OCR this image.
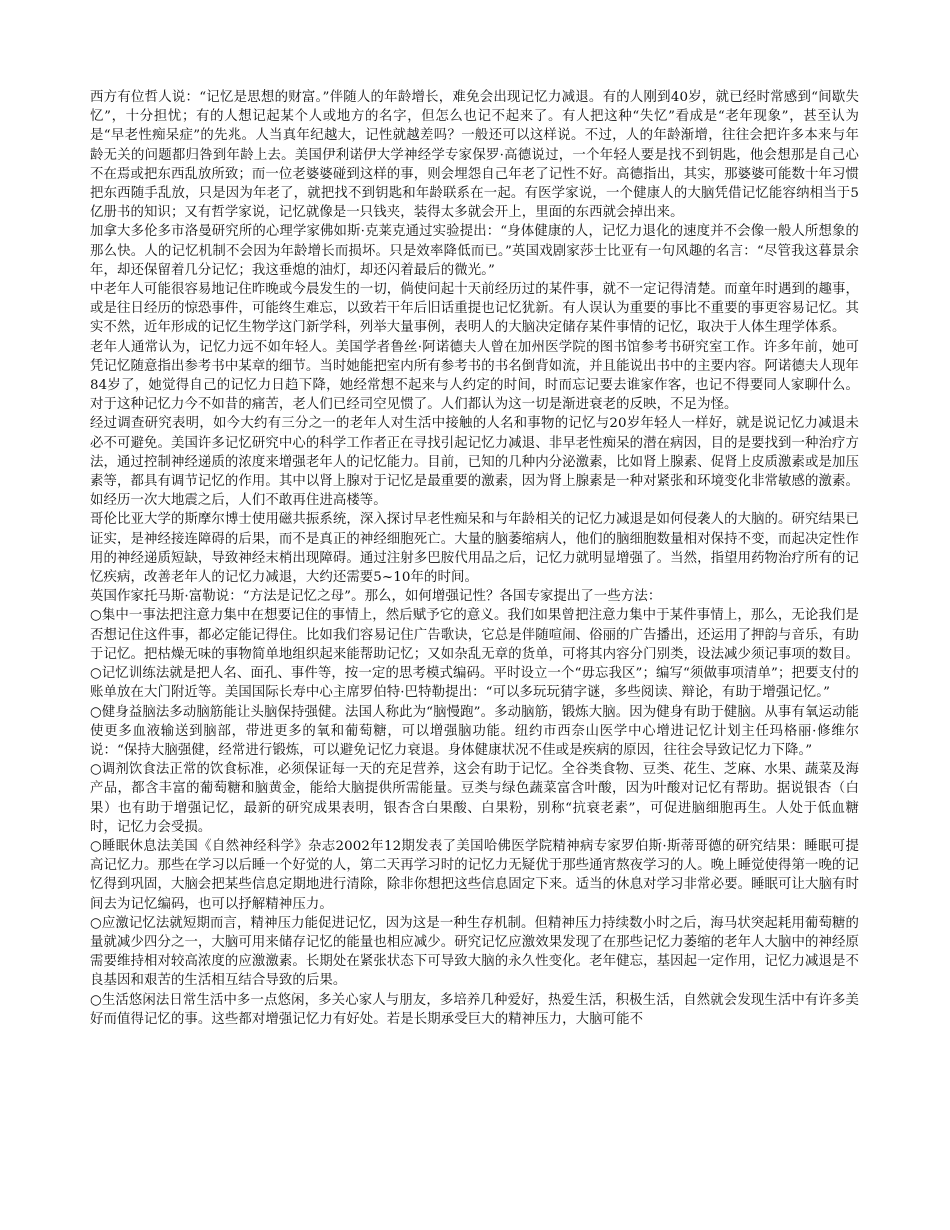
西方有位哲人说：“记忆是思想的财富。”伴随人的年龄增长，难免会出现记忆力减退。有的人刚到40岁，就已经时常感到“间歇失忆”，十分担忧；有的人想记起某个人或地方的名字，但怎么也记不起来了。有人把这种“失忆”看成是“老年现象”，甚至认为是“早老性痴呆症”的先兆。人当真年纪越大，记性就越差吗？一般还可以这样说。不过，人的年龄渐增，往往会把许多本来与年龄无关的问题都归咎到年龄上去。美国伊利诺伊大学神经学专家保罗·高德说过，一个年轻人要是找不到钥匙，他会想那是自己心不在焉或把东西乱放所致；而一位老婆婆碰到这样的事，则会埋怨自己年老了记性不好。高德指出，其实，那婆婆可能数十年习惯把东西随手乱放，只是因为年老了，就把找不到钥匙和年龄联系在一起。有医学家说，一个健康人的大脑凭借记忆能容纳相当于5亿册书的知识；又有哲学家说，记忆就像是一只钱夹，装得太多就会开上，里面的东西就会掉出来。

加拿大多伦多市洛曼研究所的心理学家佛如斯·克莱克通过实验提出：“身体健康的人，记忆力退化的速度并不会像一般人所想象的那么快。人的记忆机制不会因为年龄增长而损坏。只是效率降低而已。”英国戏剧家莎士比亚有一句风趣的名言：“尽管我这暮景余年，却还保留着几分记忆；我这垂熄的油灯，却还闪着最后的微光。”

中老年人可能很容易地记住昨晚或今晨发生的一切，倘使问起十天前经历过的某件事，就不一定记得清楚。而童年时遇到的趣事，或是往日经历的惊恐事件，可能终生难忘，以致若干年后旧话重提也记忆犹新。有人误认为重要的事比不重要的事更容易记忆。其实不然，近年形成的记忆生物学这门新学科，列举大量事例，表明人的大脑决定储存某件事情的记忆，取决于人体生理学体系。

老年人通常认为，记忆力远不如年轻人。美国学者鲁丝·阿诺德夫人曾在加州医学院的图书馆参考书研究室工作。许多年前，她可凭记忆随意指出参考书中某章的细节。当时她能把室内所有参考书的书名倒背如流，并且能说出书中的主要内容。阿诺德夫人现年84岁了，她觉得自己的记忆力日趋下降，她经常想不起来与人约定的时间，时而忘记要去谁家作客，也记不得要同人家聊什么。对于这种记忆力今不如昔的痛苦，老人们已经司空见惯了。人们都认为这一切是渐进衰老的反映，不足为怪。

经过调查研究表明，如今大约有三分之一的老年人对生活中接触的人名和事物的记忆与20岁年轻人一样好，就是说记忆力减退未必不可避免。美国许多记忆研究中心的科学工作者正在寻找引起记忆力减退、非早老性痴呆的潜在病因，目的是要找到一种治疗方法，通过控制神经递质的浓度来增强老年人的记忆能力。目前，已知的几种内分泌激素，比如肾上腺素、促肾上皮质激素或是加压素等，都具有调节记忆的作用。其中以肾上腺对于记忆是最重要的激素，因为肾上腺素是一种对紧张和环境变化非常敏感的激素。如经历一次大地震之后，人们不敢再住进高楼等。

哥伦比亚大学的斯摩尔博士使用磁共振系统，深入探讨早老性痴呆和与年龄相关的记忆力减退是如何侵袭人的大脑的。研究结果已证实，是神经接连障碍的后果，而不是真正的神经细胞死亡。大量的脑萎缩病人，他们的脑细胞数量相对保持不变，而起决定性作用的神经递质短缺，导致神经末梢出现障碍。通过注射多巴胺代用品之后，记忆力就明显增强了。当然，指望用药物治疗所有的记忆疾病，改善老年人的记忆力减退，大约还需要5~10年的时间。

英国作家托马斯·富勒说：“方法是记忆之母”。那么，如何增强记性？各国专家提出了一些方法：

○集中一事法把注意力集中在想要记住的事情上，然后赋予它的意义。我们如果曾把注意力集中于某件事情上，那么，无论我们是否想记住这件事，都必定能记得住。比如我们容易记住广告歌诀，它总是伴随喧闹、俗丽的广告播出，还运用了押韵与音乐，有助于记忆。把枯燥无味的事物简单地组织起来能帮助记忆；又如杂乱无章的货单，可将其内容分门别类，设法减少须记事项的数目。

○记忆训练法就是把人名、面孔、事件等，按一定的思考模式编码。平时设立一个“毋忘我区”；编写“须做事项清单”；把要支付的账单放在大门附近等。美国国际长寿中心主席罗伯特·巴特勒提出：“可以多玩玩猜字谜，多些阅读、辩论，有助于增强记忆。”

○健身益脑法多动脑筋能让头脑保持强健。法国人称此为“脑慢跑”。多动脑筋，锻炼大脑。因为健身有助于健脑。从事有氧运动能使更多血液输送到脑部，带进更多的氧和葡萄糖，可以增强脑功能。纽约市西奈山医学中心增进记忆计划主任玛格丽·修维尔说：“保持大脑强健，经常进行锻炼，可以避免记忆力衰退。身体健康状况不佳或是疾病的原因，往往会导致记忆力下降。”

○调剂饮食法正常的饮食标准，必须保证每一天的充足营养，这会有助于记忆。全谷类食物、豆类、花生、芝麻、水果、蔬菜及海产品，都含丰富的葡萄糖和脑黄金，能给大脑提供所需能量。豆类与绿色蔬菜富含叶酸，因为叶酸对记忆有帮助。据说银杏（白果）也有助于增强记忆，最新的研究成果表明，银杏含白果酸、白果粉，别称“抗衰老素”，可促进脑细胞再生。人处于低血糖时，记忆力会受损。

○睡眠休息法美国《自然神经科学》杂志2002年12期发表了美国哈佛医学院精神病专家罗伯斯·斯蒂哥德的研究结果：睡眠可提高记忆力。那些在学习以后睡一个好觉的人，第二天再学习时的记忆力无疑优于那些通宵熬夜学习的人。晚上睡觉使得第一晚的记忆得到巩固，大脑会把某些信息定期地进行清除，除非你想把这些信息固定下来。适当的休息对学习非常必要。睡眠可让大脑有时间去为记忆编码，也可以抒解精神压力。

○应激记忆法就短期而言，精神压力能促进记忆，因为这是一种生存机制。但精神压力持续数小时之后，海马状突起耗用葡萄糖的量就减少四分之一，大脑可用来储存记忆的能量也相应减少。研究记忆应激效果发现了在那些记忆力萎缩的老年人大脑中的神经原需要维持相对较高浓度的应激激素。长期处在紧张状态下可导致大脑的永久性变化。老年健忘，基因起一定作用，记忆力减退是不良基因和艰苦的生活相互结合导致的后果。

○生活悠闲法日常生活中多一点悠闲，多关心家人与朋友，多培养几种爱好，热爱生活，积极生活，自然就会发现生活中有许多美好而值得记忆的事。这些都对增强记忆力有好处。若是长期承受巨大的精神压力，大脑可能不
